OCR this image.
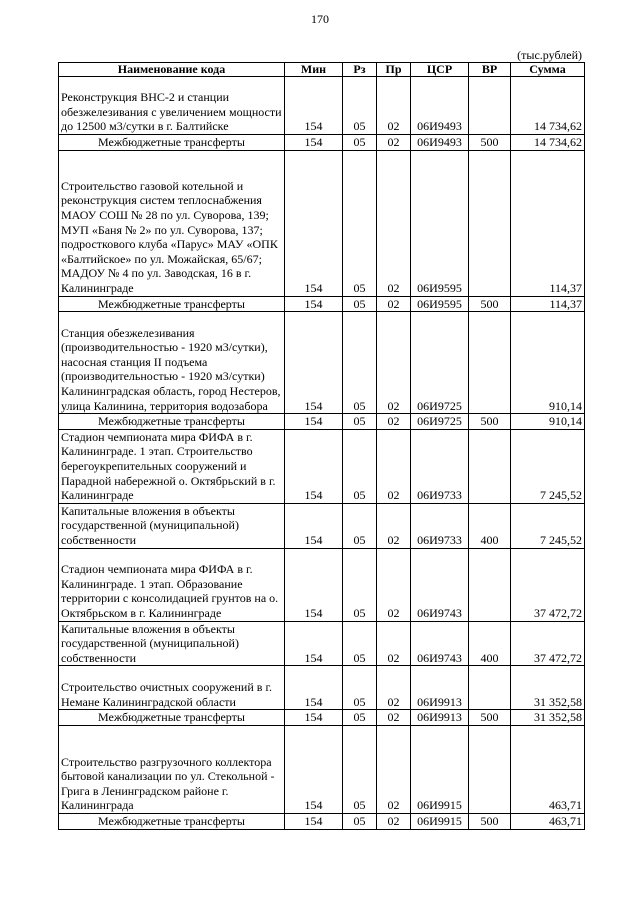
170
(тыс.рублей)
Наименование кода	Мин	Рз	Пр	ЦСР	ВР	Сумма
Реконструкция ВНС-2 и станции обезжелезивания с увеличением мощности до 12500 м3/сутки в г. Балтийске	154	05	02	06И9493		14 734,62
Межбюджетные трансферты	154	05	02	06И9493	500	14 734,62
Строительство газовой котельной и реконструкция систем теплоснабжения МАОУ СОШ № 28 по ул. Суворова, 139; МУП «Баня № 2» по ул. Суворова, 137; подросткового клуба «Парус» МАУ «ОПК «Балтийское» по ул. Можайская, 65/67; МАДОУ № 4 по ул. Заводская, 16 в г. Калининграде	154	05	02	06И9595		114,37
Межбюджетные трансферты	154	05	02	06И9595	500	114,37
Станция обезжелезивания (производительностью - 1920 м3/сутки), насосная станция II подъема (производительностью - 1920 м3/сутки) Калининградская область, город Нестеров, улица Калинина, территория водозабора	154	05	02	06И9725		910,14
Межбюджетные трансферты	154	05	02	06И9725	500	910,14
Стадион чемпионата мира ФИФА в г. Калининграде. 1 этап. Строительство берегоукрепительных сооружений и Парадной набережной о. Октябрьский в г. Калининграде	154	05	02	06И9733		7 245,52
Капитальные вложения в объекты государственной (муниципальной) собственности	154	05	02	06И9733	400	7 245,52
Стадион чемпионата мира ФИФА в г. Калининграде. 1 этап. Образование территории с консолидацией грунтов на о. Октябрьском в г. Калининграде	154	05	02	06И9743		37 472,72
Капитальные вложения в объекты государственной (муниципальной) собственности	154	05	02	06И9743	400	37 472,72
Строительство очистных сооружений в г. Немане Калининградской области	154	05	02	06И9913		31 352,58
Межбюджетные трансферты	154	05	02	06И9913	500	31 352,58
Строительство разгрузочного коллектора бытовой канализации по ул. Стекольной - Грига в Ленинградском районе г. Калининграда	154	05	02	06И9915		463,71
Межбюджетные трансферты	154	05	02	06И9915	500	463,71
